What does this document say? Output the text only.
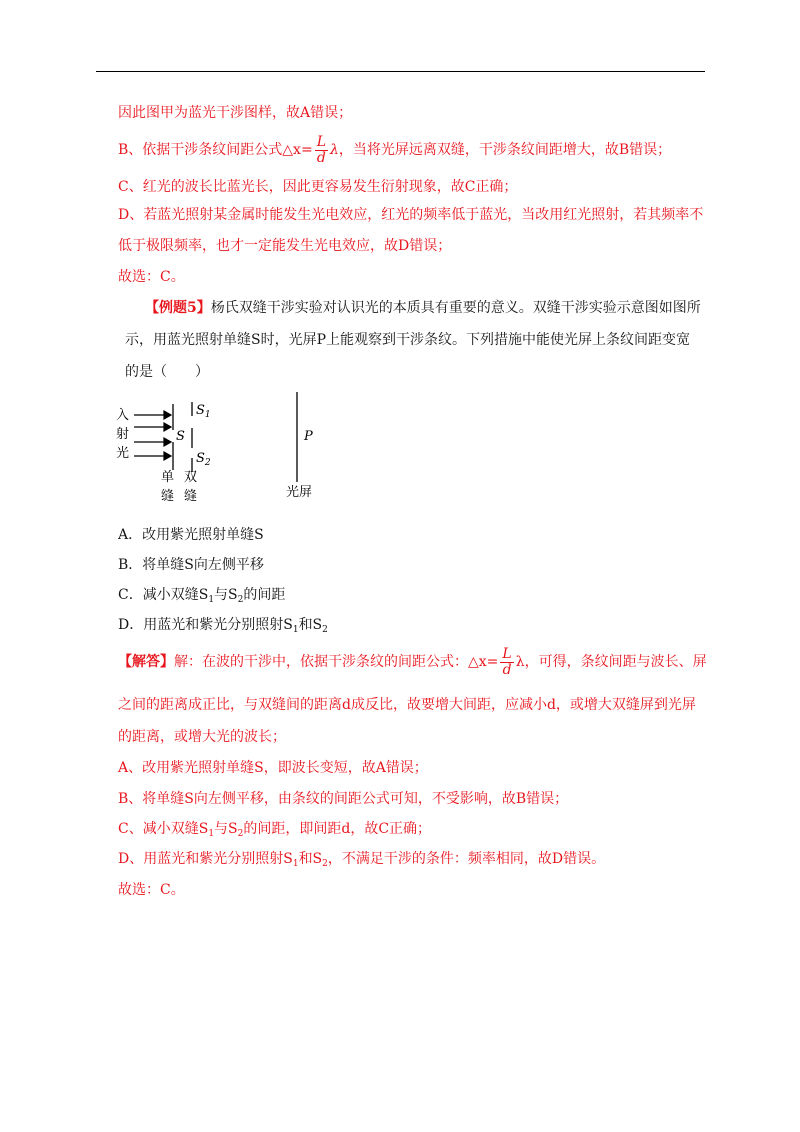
因此图甲为蓝光干涉图样，故A错误；
B、依据干涉条纹间距公式△x= $\frac{L}{d}$ λ，当将光屏远离双缝，干涉条纹间距增大，故B错误；
C、红光的波长比蓝光长，因此更容易发生衍射现象，故C正确；
D、若蓝光照射某金属时能发生光电效应，红光的频率低于蓝光，当改用红光照射，若其频率不
低于极限频率，也才一定能发生光电效应，故D错误；
故选：C。
【例题5】杨氏双缝干涉实验对认识光的本质具有重要的意义。双缝干涉实验示意图如图所
示，用蓝光照射单缝S时，光屏P上能观察到干涉条纹。下列措施中能使光屏上条纹间距变宽
的是（　　）
入
射
光
S
$S_1$
$S_2$
P
单
缝
双
缝	光屏
A．改用紫光照射单缝S
B．将单缝S向左侧平移
C．减小双缝$S_1$与$S_2$的间距
D．用蓝光和紫光分别照射$S_1$和$S_2$
【解答】解：在波的干涉中，依据干涉条纹的间距公式：△x= $\frac{L}{d}$ λ，可得，条纹间距与波长、屏
之间的距离成正比，与双缝间的距离d成反比，故要增大间距，应减小d，或增大双缝屏到光屏
的距离，或增大光的波长；
A、改用紫光照射单缝S，即波长变短，故A错误；
B、将单缝S向左侧平移，由条纹的间距公式可知，不受影响，故B错误；
C、减小双缝$S_1$与$S_2$的间距，即间距d，故C正确；
D、用蓝光和紫光分别照射$S_1$和$S_2$，不满足干涉的条件：频率相同，故D错误。
故选：C。
